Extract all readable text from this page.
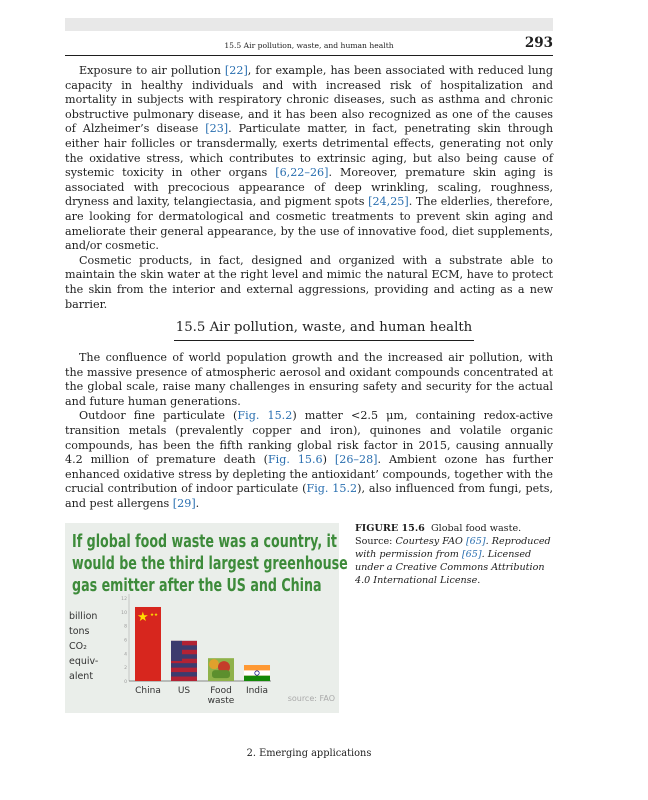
15.5 Air pollution, waste, and human health	293

Exposure to air pollution [22], for example, has been associated with reduced lung capacity in healthy individuals and with increased risk of hospitalization and mortality in subjects with respiratory chronic diseases, such as asthma and chronic obstructive pulmonary disease, and it has been also recognized as one of the causes of Alzheimer’s disease [23]. Particulate matter, in fact, penetrating skin through either hair follicles or transdermally, exerts detrimental effects, generating not only the oxidative stress, which contributes to extrinsic aging, but also being cause of systemic toxicity in other organs [6,22–26]. Moreover, premature skin aging is associated with precocious appearance of deep wrinkling, scaling, roughness, dryness and laxity, telangiectasia, and pigment spots [24,25]. The elderlies, therefore, are looking for dermatological and cosmetic treatments to prevent skin aging and ameliorate their general appearance, by the use of innovative food, diet supplements, and/or cosmetic.

Cosmetic products, in fact, designed and organized with a substrate able to maintain the skin water at the right level and mimic the natural ECM, have to protect the skin from the interior and external aggressions, providing and acting as a new barrier.

15.5 Air pollution, waste, and human health

The confluence of world population growth and the increased air pollution, with the massive presence of atmospheric aerosol and oxidant compounds concentrated at the global scale, raise many challenges in ensuring safety and security for the actual and future human generations.

Outdoor fine particulate (Fig. 15.2) matter <2.5 μm, containing redox-active transition metals (prevalently copper and iron), quinones and volatile organic compounds, has been the fifth ranking global risk factor in 2015, causing annually 4.2 million of premature death (Fig. 15.6) [26–28]. Ambient ozone has further enhanced oxidative stress by depleting the antioxidant’ compounds, together with the crucial contribution of indoor particulate (Fig. 15.2), also influenced from fungi, pets, and pest allergens [29].

If global food waste was a country, it
would be the third largest greenhouse
gas emitter after the US and China
billion
tons
CO₂
equiv-
alent
0
2
4
6
8
10
12
★ ★★
China US Food
waste
India
source: FAO
FIGURE 15.6 Global food waste. Source: Courtesy FAO [65]. Reproduced with permission from [65]. Licensed under a Creative Commons Attribution 4.0 International License.
2. Emerging applications
